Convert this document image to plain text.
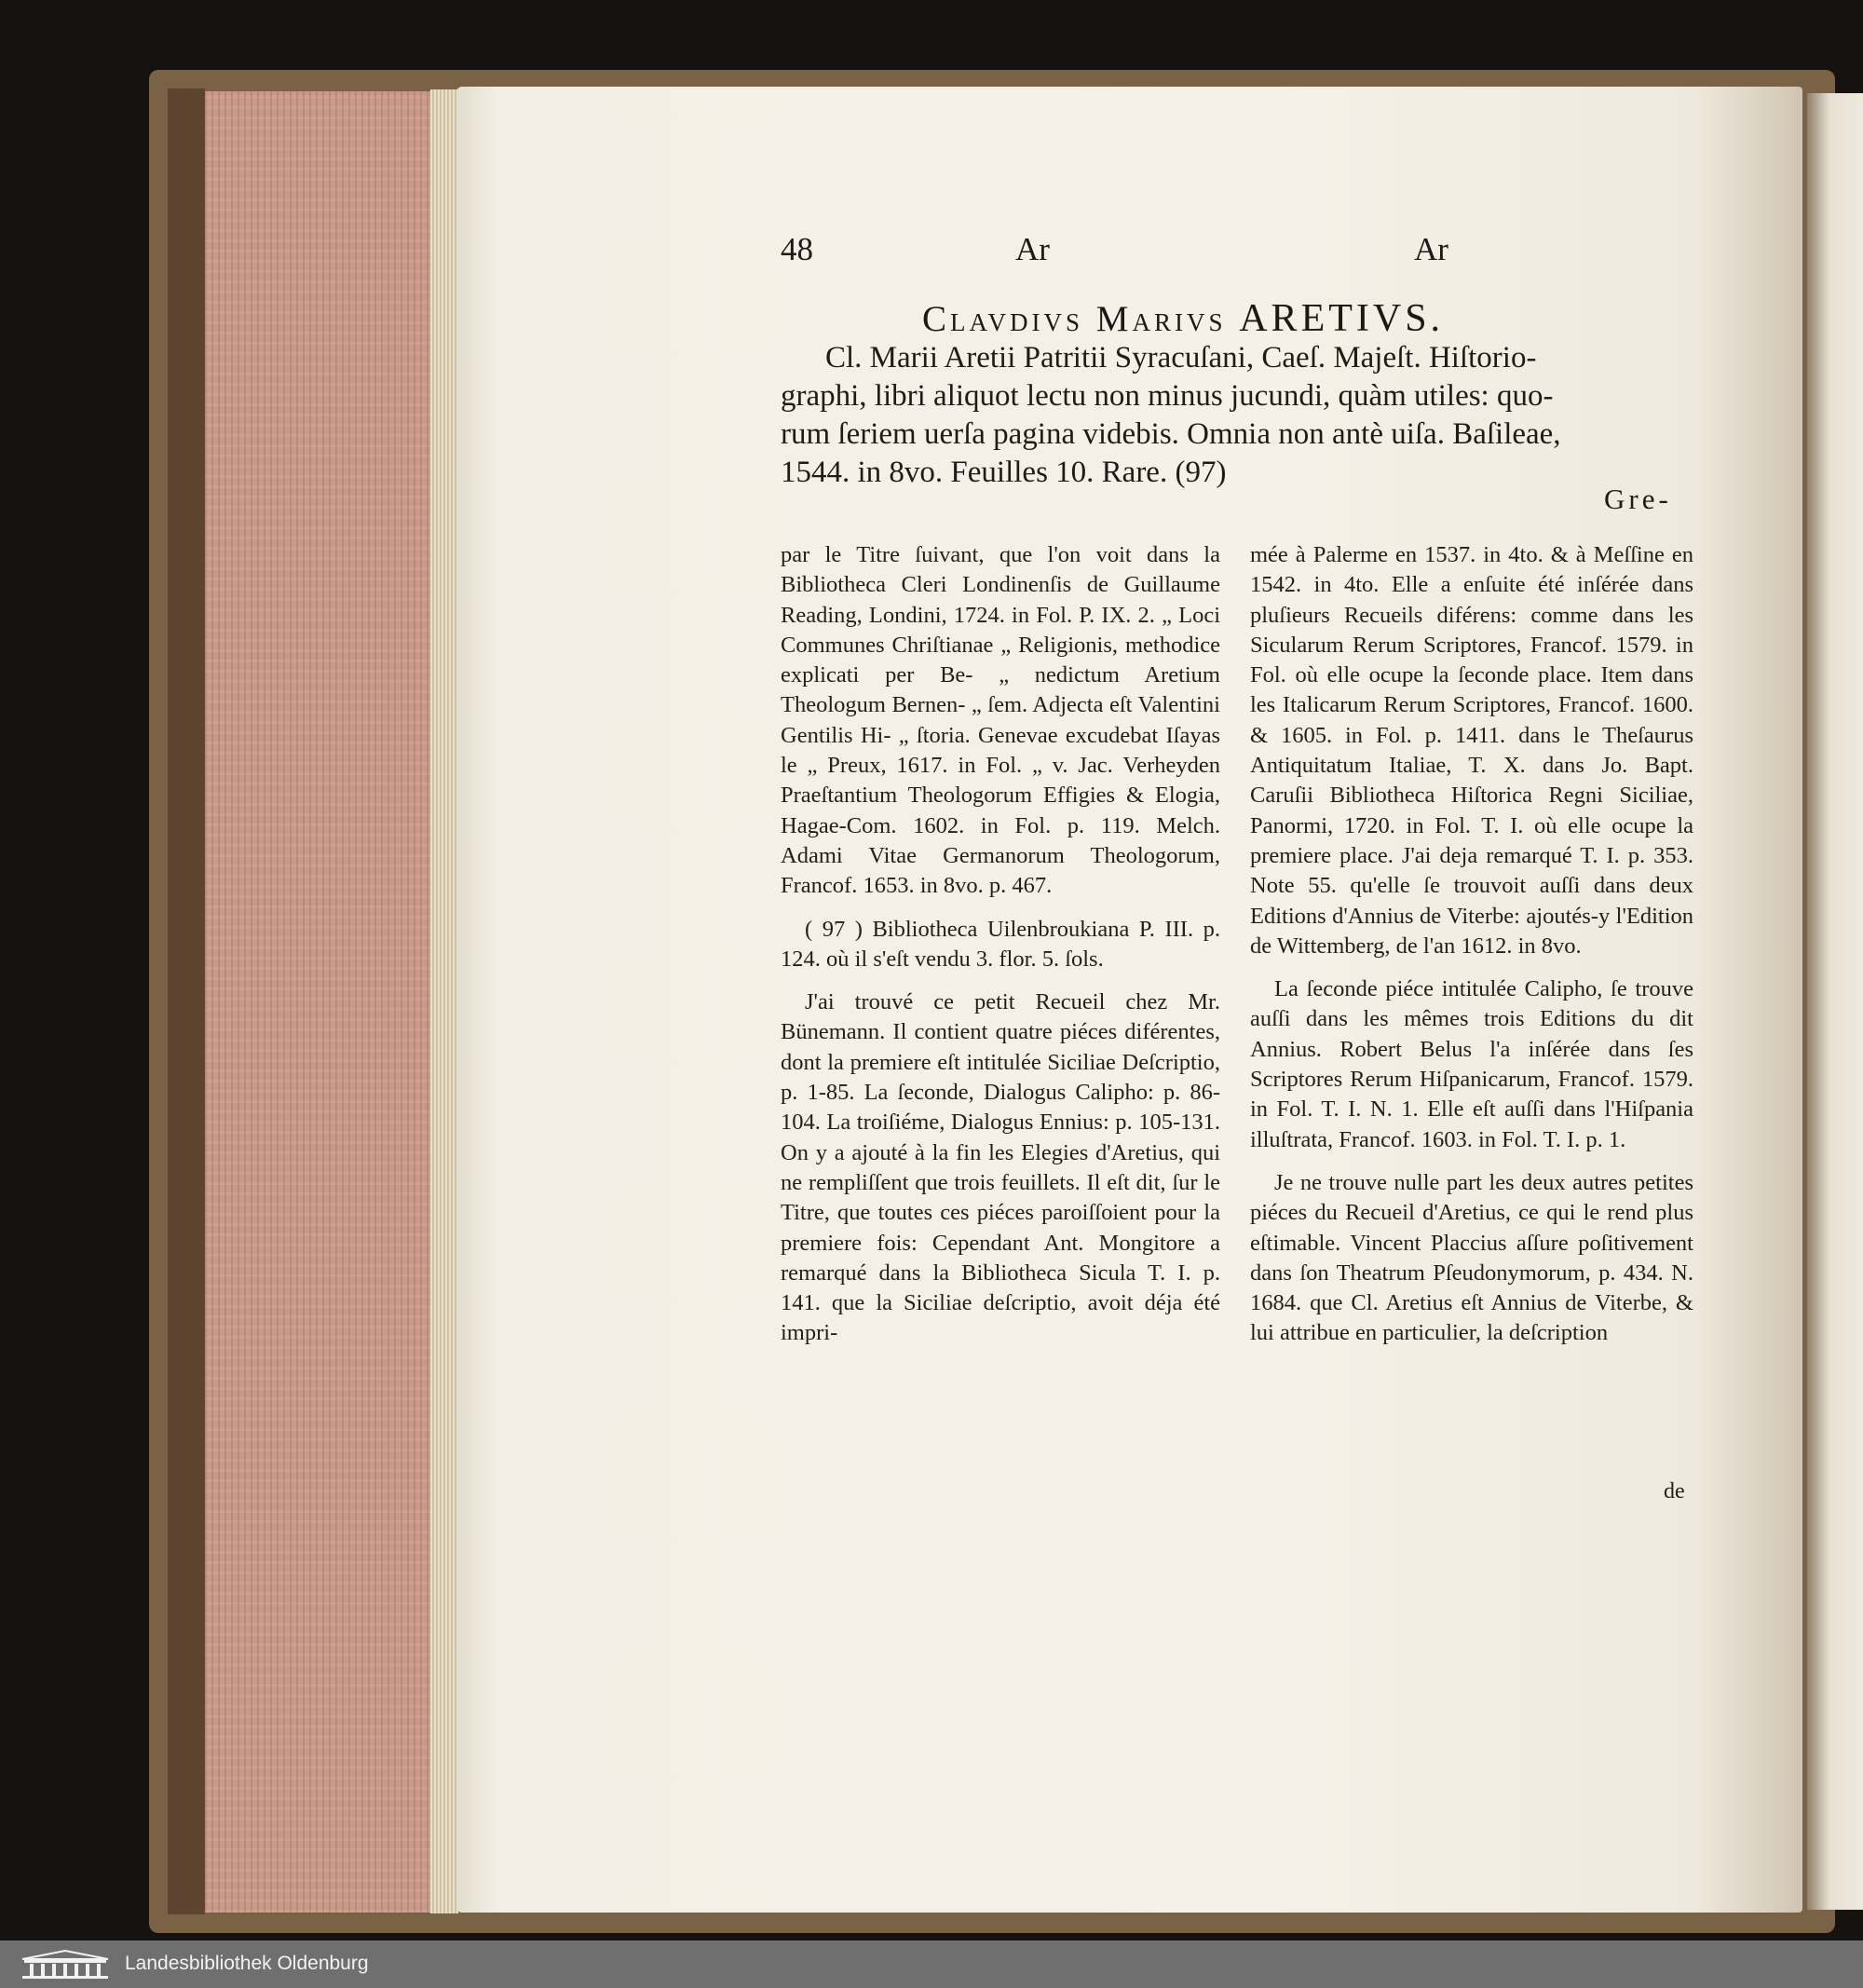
48	Ar	Ar
Clavdivs Marivs ARETIVS.

Cl. Marii Aretii Patritii Syracuſani, Caeſ. Majeſt. Hiſtorio-

graphi, libri aliquot lectu non minus jucundi, quàm utiles: quo-

rum ſeriem uerſa pagina videbis. Omnia non antè uiſa. Baſileae,

1544. in 8vo. Feuilles 10. Rare. (97)

Gre-

par le Titre ſuivant, que l'on voit dans la Bibliotheca Cleri Londinenſis de Guillaume Reading, Londini, 1724. in Fol. P. IX. 2. „ Loci Communes Chriſtianae „ Religionis, methodice explicati per Be- „ nedictum Aretium Theologum Bernen- „ ſem. Adjecta eſt Valentini Gentilis Hi- „ ſtoria. Genevae excudebat Iſayas le „ Preux, 1617. in Fol. „ v. Jac. Verheyden Praeſtantium Theologorum Effigies & Elogia, Hagae-Com. 1602. in Fol. p. 119. Melch. Adami Vitae Germanorum Theologorum, Francof. 1653. in 8vo. p. 467.

( 97 ) Bibliotheca Uilenbroukiana P. III. p. 124. où il s'eſt vendu 3. flor. 5. ſols.

J'ai trouvé ce petit Recueil chez Mr. Bünemann. Il contient quatre piéces diférentes, dont la premiere eſt intitulée Siciliae Deſcriptio, p. 1-85. La ſeconde, Dialogus Calipho: p. 86-104. La troiſiéme, Dialogus Ennius: p. 105-131. On y a ajouté à la fin les Elegies d'Aretius, qui ne rempliſſent que trois feuillets. Il eſt dit, ſur le Titre, que toutes ces piéces paroiſſoient pour la premiere fois: Cependant Ant. Mongitore a remarqué dans la Bibliotheca Sicula T. I. p. 141. que la Siciliae deſcriptio, avoit déja été impri-

mée à Palerme en 1537. in 4to. & à Meſſine en 1542. in 4to. Elle a enſuite été inſérée dans pluſieurs Recueils diférens: comme dans les Sicularum Rerum Scriptores, Francof. 1579. in Fol. où elle ocupe la ſeconde place. Item dans les Italicarum Rerum Scriptores, Francof. 1600. & 1605. in Fol. p. 1411. dans le Theſaurus Antiquitatum Italiae, T. X. dans Jo. Bapt. Caruſii Bibliotheca Hiſtorica Regni Siciliae, Panormi, 1720. in Fol. T. I. où elle ocupe la premiere place. J'ai deja remarqué T. I. p. 353. Note 55. qu'elle ſe trouvoit auſſi dans deux Editions d'Annius de Viterbe: ajoutés-y l'Edition de Wittemberg, de l'an 1612. in 8vo.

La ſeconde piéce intitulée Calipho, ſe trouve auſſi dans les mêmes trois Editions du dit Annius. Robert Belus l'a inſérée dans ſes Scriptores Rerum Hiſpanicarum, Francof. 1579. in Fol. T. I. N. 1. Elle eſt auſſi dans l'Hiſpania illuſtrata, Francof. 1603. in Fol. T. I. p. 1.

Je ne trouve nulle part les deux autres petites piéces du Recueil d'Aretius, ce qui le rend plus eſtimable. Vincent Placcius aſſure poſitivement dans ſon Theatrum Pſeudonymorum, p. 434. N. 1684. que Cl. Aretius eſt Annius de Viterbe, & lui attribue en particulier, la deſcription

de
Landesbibliothek Oldenburg
